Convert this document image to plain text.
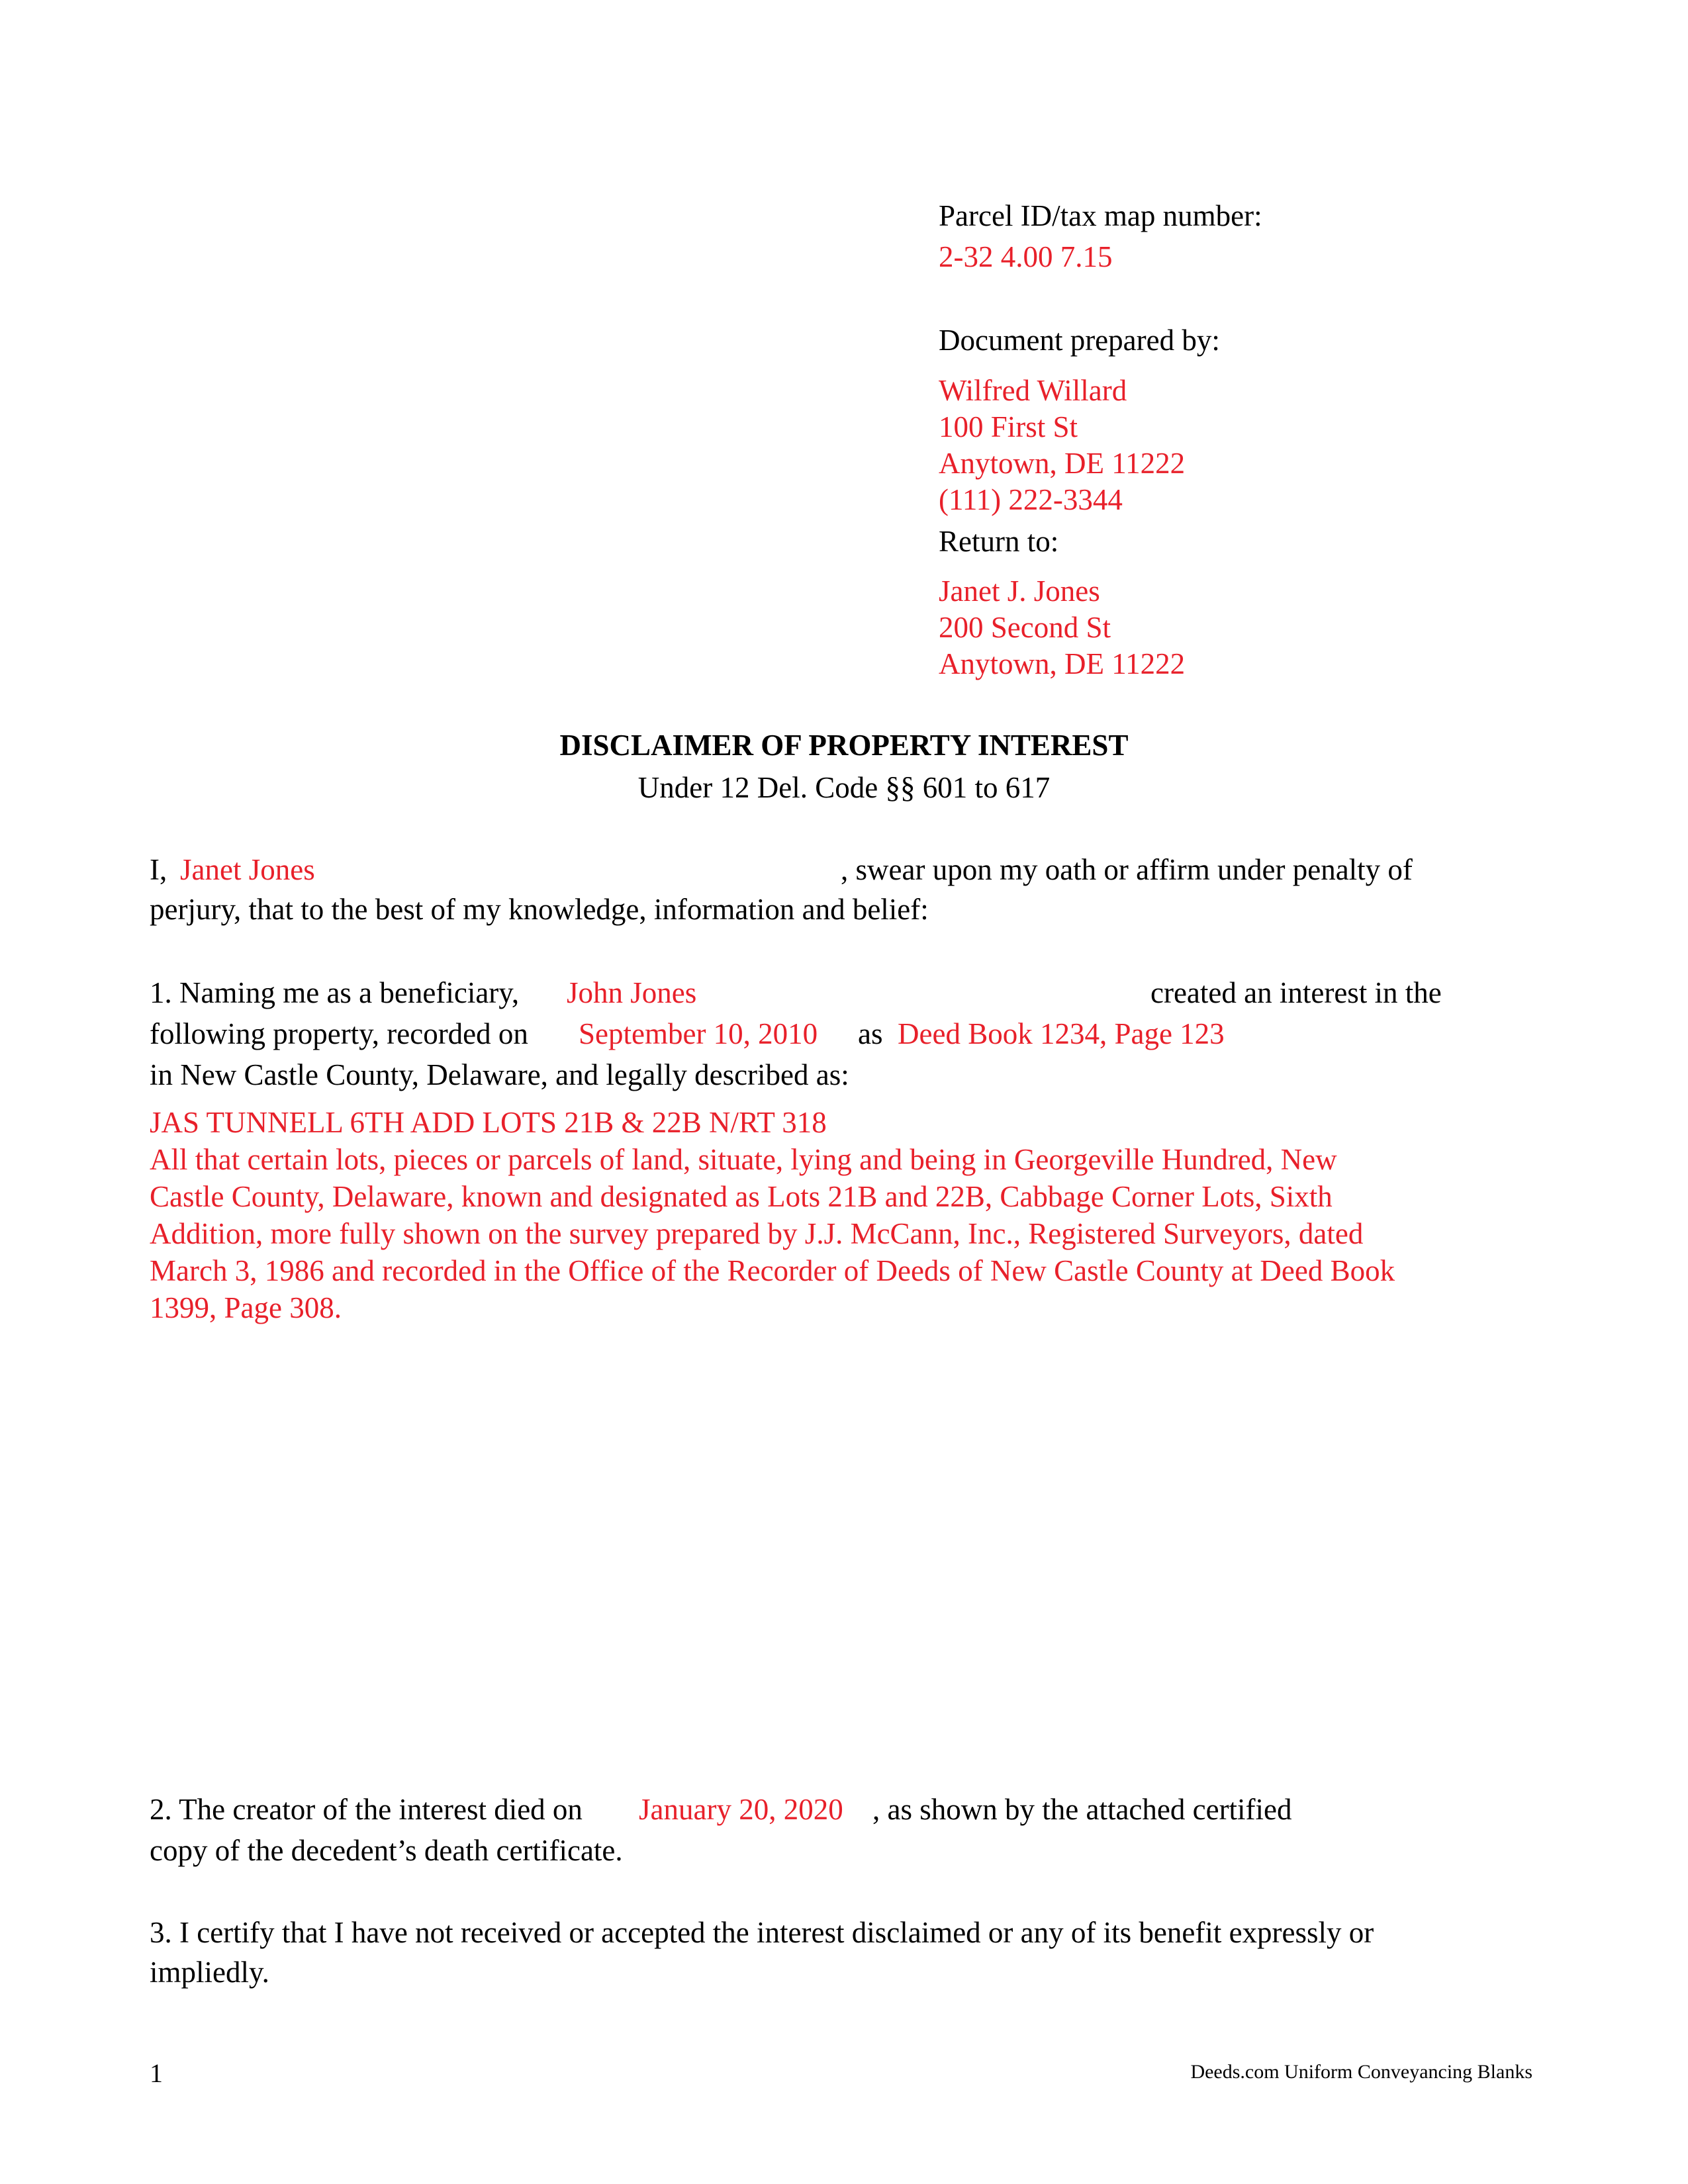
Parcel ID/tax map number:
2-32 4.00 7.15
Document prepared by:
Wilfred Willard
100 First St
Anytown, DE 11222
(111) 222-3344
Return to:
Janet J. Jones
200 Second St
Anytown, DE 11222
DISCLAIMER OF PROPERTY INTEREST
Under 12 Del. Code §§ 601 to 617
I, Janet Jones	, swear upon my oath or affirm under penalty of
perjury, that to the best of my knowledge, information and belief:
1. Naming me as a beneficiary, John Jones	created an interest in the
following property, recorded on September 10, 2010 as Deed Book 1234, Page 123
in New Castle County, Delaware, and legally described as:
JAS TUNNELL 6TH ADD LOTS 21B & 22B N/RT 318
All that certain lots, pieces or parcels of land, situate, lying and being in Georgeville Hundred, New
Castle County, Delaware, known and designated as Lots 21B and 22B, Cabbage Corner Lots, Sixth
Addition, more fully shown on the survey prepared by J.J. McCann, Inc., Registered Surveyors, dated
March 3, 1986 and recorded in the Office of the Recorder of Deeds of New Castle County at Deed Book
1399, Page 308.
2. The creator of the interest died on January 20, 2020 , as shown by the attached certified
copy of the decedent’s death certificate.
3. I certify that I have not received or accepted the interest disclaimed or any of its benefit expressly or
impliedly.
1	Deeds.com Uniform Conveyancing Blanks
